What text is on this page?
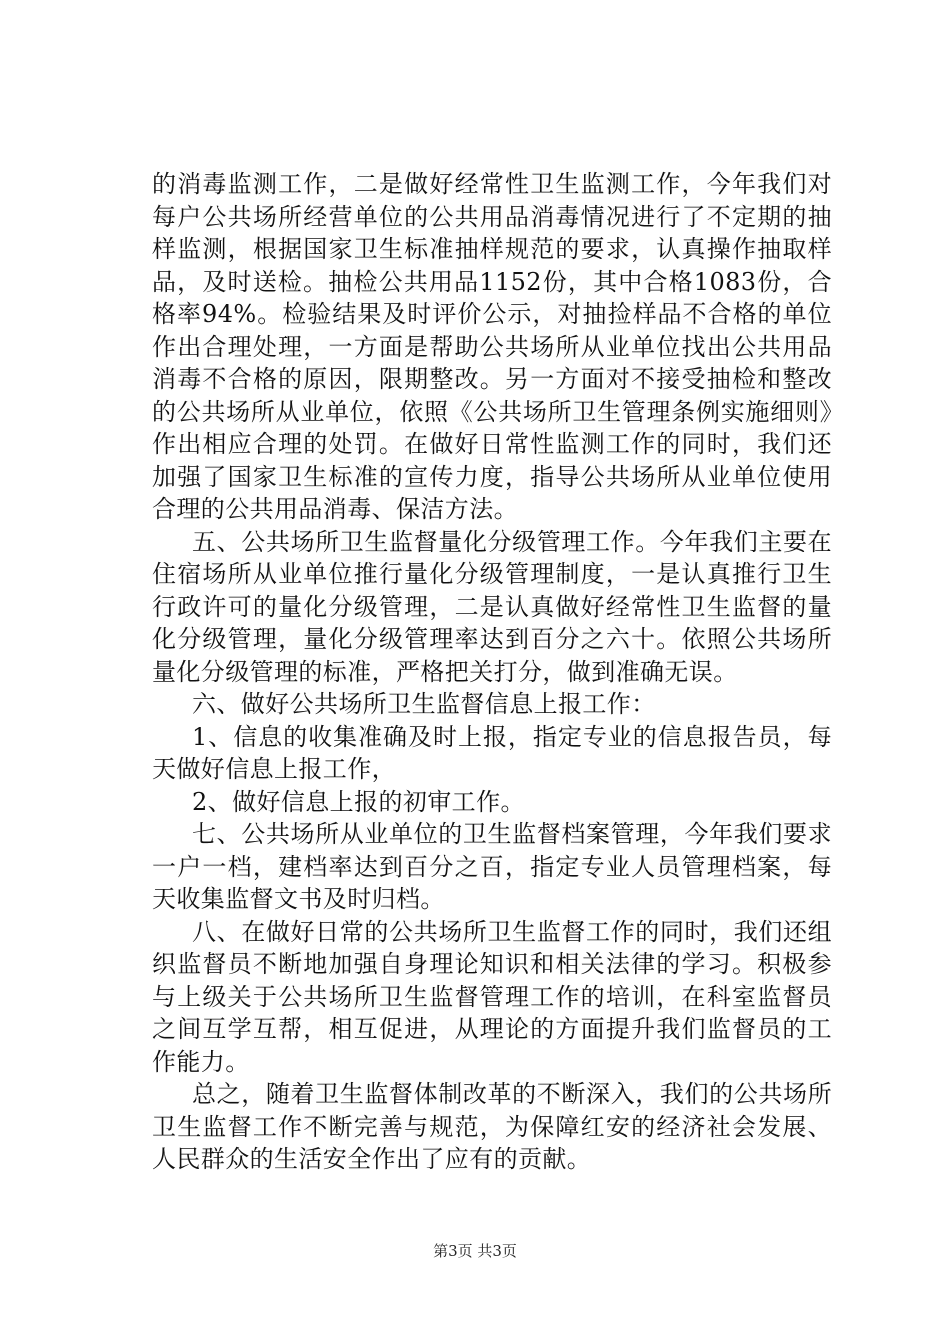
的消毒监测工作，二是做好经常性卫生监测工作，今年我们对每户公共场所经营单位的公共用品消毒情况进行了不定期的抽样监测，根据国家卫生标准抽样规范的要求，认真操作抽取样品，及时送检。抽检公共用品1152份，其中合格1083份，合格率94%。检验结果及时评价公示，对抽捡样品不合格的单位作出合理处理，一方面是帮助公共场所从业单位找出公共用品消毒不合格的原因，限期整改。另一方面对不接受抽检和整改的公共场所从业单位，依照《公共场所卫生管理条例实施细则》作出相应合理的处罚。在做好日常性监测工作的同时，我们还加强了国家卫生标准的宣传力度，指导公共场所从业单位使用合理的公共用品消毒、保洁方法。

五、公共场所卫生监督量化分级管理工作。今年我们主要在住宿场所从业单位推行量化分级管理制度，一是认真推行卫生行政许可的量化分级管理，二是认真做好经常性卫生监督的量化分级管理，量化分级管理率达到百分之六十。依照公共场所量化分级管理的标准，严格把关打分，做到准确无误。

六、做好公共场所卫生监督信息上报工作：

1、信息的收集准确及时上报，指定专业的信息报告员，每天做好信息上报工作，

2、做好信息上报的初审工作。

七、公共场所从业单位的卫生监督档案管理，今年我们要求一户一档，建档率达到百分之百，指定专业人员管理档案，每天收集监督文书及时归档。

八、在做好日常的公共场所卫生监督工作的同时，我们还组织监督员不断地加强自身理论知识和相关法律的学习。积极参与上级关于公共场所卫生监督管理工作的培训，在科室监督员之间互学互帮，相互促进，从理论的方面提升我们监督员的工作能力。

总之，随着卫生监督体制改革的不断深入，我们的公共场所卫生监督工作不断完善与规范，为保障红安的经济社会发展、人民群众的生活安全作出了应有的贡献。

第3页 共3页
